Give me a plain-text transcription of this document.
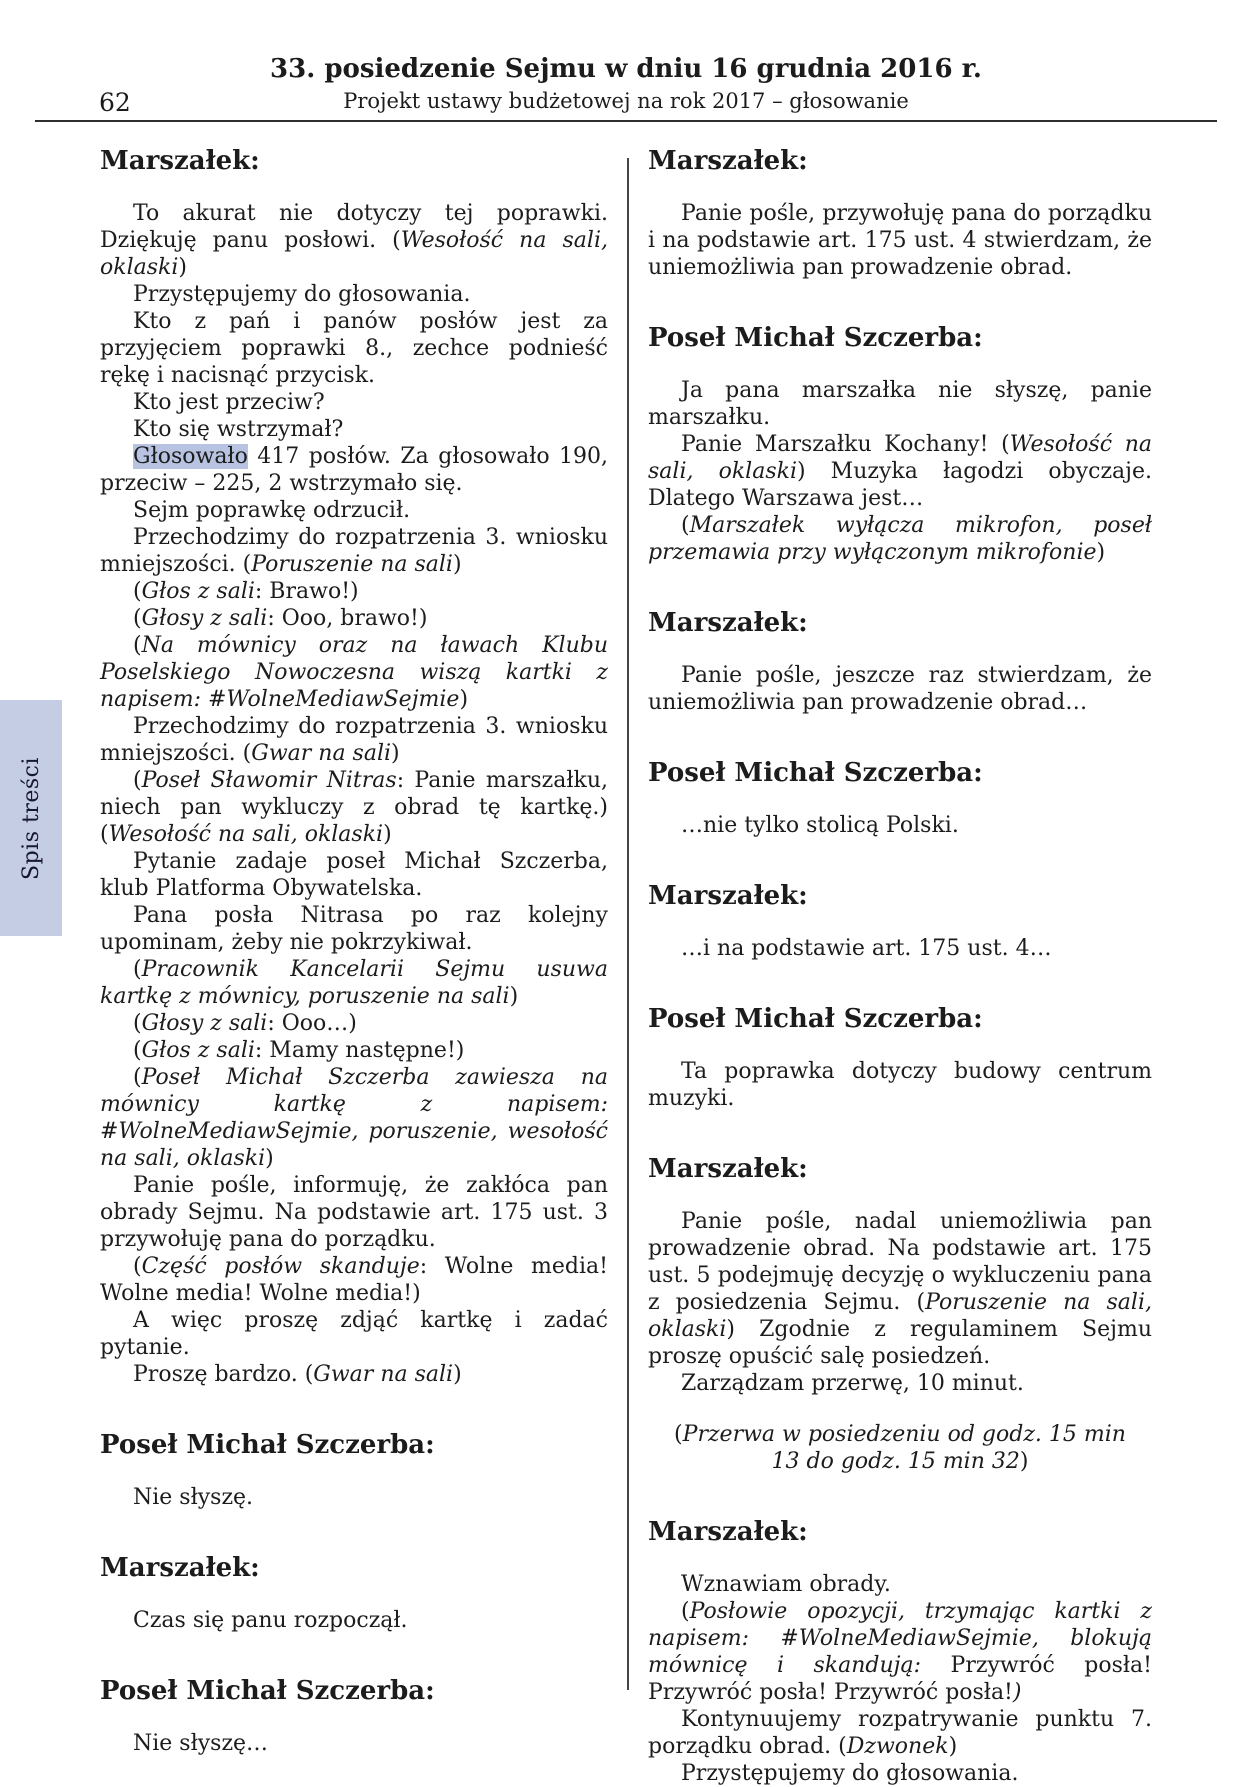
62
33. posiedzenie Sejmu w dniu 16 grudnia 2016 r.
Projekt ustawy budżetowej na rok 2017 – głosowanie
Spis treści
Marszałek:

To akurat nie dotyczy tej poprawki. Dziękuję panu posłowi. (Wesołość na sali, oklaski)

Przystępujemy do głosowania.

Kto z pań i panów posłów jest za przyjęciem poprawki 8., zechce podnieść rękę i nacisnąć przycisk.

Kto jest przeciw?

Kto się wstrzymał?

Głosowało 417 posłów. Za głosowało 190, przeciw – 225, 2 wstrzymało się.

Sejm poprawkę odrzucił.

Przechodzimy do rozpatrzenia 3. wniosku mniejszości. (Poruszenie na sali)

(Głos z sali: Brawo!)

(Głosy z sali: Ooo, brawo!)

(Na mównicy oraz na ławach Klubu Poselskiego Nowoczesna wiszą kartki z napisem: #WolneMediawSejmie)

Przechodzimy do rozpatrzenia 3. wniosku mniejszości. (Gwar na sali)

(Poseł Sławomir Nitras: Panie marszałku, niech pan wykluczy z obrad tę kartkę.) (Wesołość na sali, oklaski)

Pytanie zadaje poseł Michał Szczerba, klub Platforma Obywatelska.

Pana posła Nitrasa po raz kolejny upominam, żeby nie pokrzykiwał.

(Pracownik Kancelarii Sejmu usuwa kartkę z mównicy, poruszenie na sali)

(Głosy z sali: Ooo…)

(Głos z sali: Mamy następne!)

(Poseł Michał Szczerba zawiesza na mównicy kartkę z napisem: #WolneMediawSejmie, poruszenie, wesołość na sali, oklaski)

Panie pośle, informuję, że zakłóca pan obrady Sejmu. Na podstawie art. 175 ust. 3 przywołuję pana do porządku.

(Część posłów skanduje: Wolne media! Wolne media! Wolne media!)

A więc proszę zdjąć kartkę i zadać pytanie.

Proszę bardzo. (Gwar na sali)

Poseł Michał Szczerba:

Nie słyszę.

Marszałek:

Czas się panu rozpoczął.

Poseł Michał Szczerba:

Nie słyszę…

Marszałek:

Panie pośle, przywołuję pana do porządku i na podstawie art. 175 ust. 4 stwierdzam, że uniemożliwia pan prowadzenie obrad.

Poseł Michał Szczerba:

Ja pana marszałka nie słyszę, panie marszałku.

Panie Marszałku Kochany! (Wesołość na sali, oklaski) Muzyka łagodzi obyczaje. Dlatego Warszawa jest…

(Marszałek wyłącza mikrofon, poseł przemawia przy wyłączonym mikrofonie)

Marszałek:

Panie pośle, jeszcze raz stwierdzam, że uniemożliwia pan prowadzenie obrad…

Poseł Michał Szczerba:

…nie tylko stolicą Polski.

Marszałek:

…i na podstawie art. 175 ust. 4…

Poseł Michał Szczerba:

Ta poprawka dotyczy budowy centrum muzyki.

Marszałek:

Panie pośle, nadal uniemożliwia pan prowadzenie obrad. Na podstawie art. 175 ust. 5 podejmuję decyzję o wykluczeniu pana z posiedzenia Sejmu. (Poruszenie na sali, oklaski) Zgodnie z regulaminem Sejmu proszę opuścić salę posiedzeń.

Zarządzam przerwę, 10 minut.

(Przerwa w posiedzeniu od godz. 15 min 13 do godz. 15 min 32)

Marszałek:

Wznawiam obrady.

(Posłowie opozycji, trzymając kartki z napisem: #WolneMediawSejmie, blokują mównicę i skandują: Przywróć posła! Przywróć posła! Przywróć posła!)

Kontynuujemy rozpatrywanie punktu 7. porządku obrad. (Dzwonek)

Przystępujemy do głosowania.
